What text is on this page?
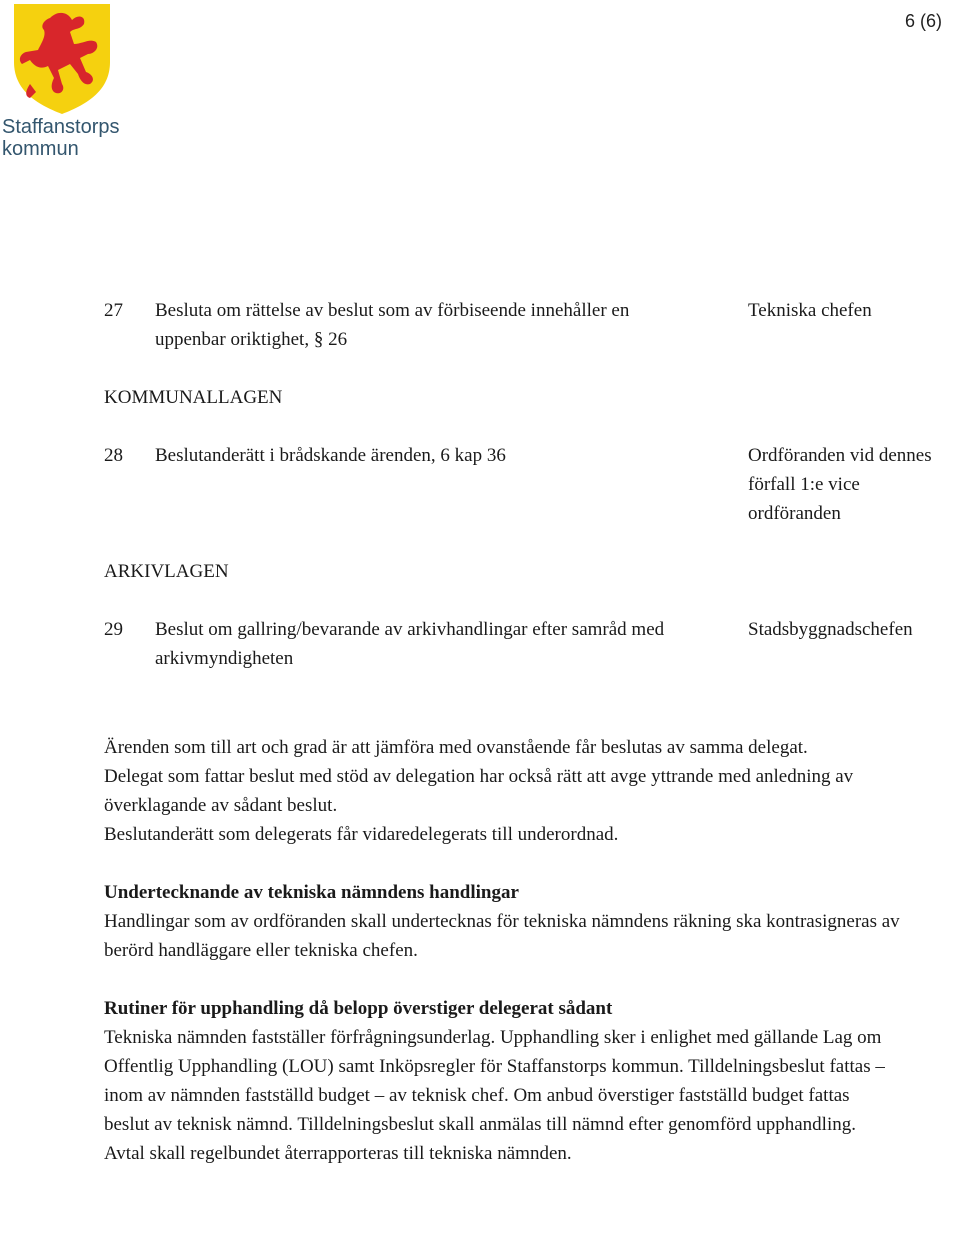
Staffanstorps
kommun
6 (6)
27 Besluta om rättelse av beslut som av förbiseende innehåller en uppenbar oriktighet, § 26
Tekniska chefen
KOMMUNALLAGEN
28 Beslutanderätt i brådskande ärenden, 6 kap 36	Ordföranden vid dennes förfall 1:e vice ordföranden
ARKIVLAGEN
29 Beslut om gallring/bevarande av arkivhandlingar efter samråd med arkivmyndigheten
Stadsbyggnadschefen

Ärenden som till art och grad är att jämföra med ovanstående får beslutas av samma delegat.

Delegat som fattar beslut med stöd av delegation har också rätt att avge yttrande med anledning av överklagande av sådant beslut.

Beslutanderätt som delegerats får vidaredelegerats till underordnad.

Undertecknande av tekniska nämndens handlingar

Handlingar som av ordföranden skall undertecknas för tekniska nämndens räkning ska kontrasigneras av berörd handläggare eller tekniska chefen.

Rutiner för upphandling då belopp överstiger delegerat sådant

Tekniska nämnden fastställer förfrågningsunderlag. Upphandling sker i enlighet med gällande Lag om Offentlig Upphandling (LOU) samt Inköpsregler för Staffanstorps kommun. Tilldelningsbeslut fattas – inom av nämnden fastställd budget – av teknisk chef. Om anbud överstiger fastställd budget fattas beslut av teknisk nämnd. Tilldelningsbeslut skall anmälas till nämnd efter genomförd upphandling. Avtal skall regelbundet återrapporteras till tekniska nämnden.
